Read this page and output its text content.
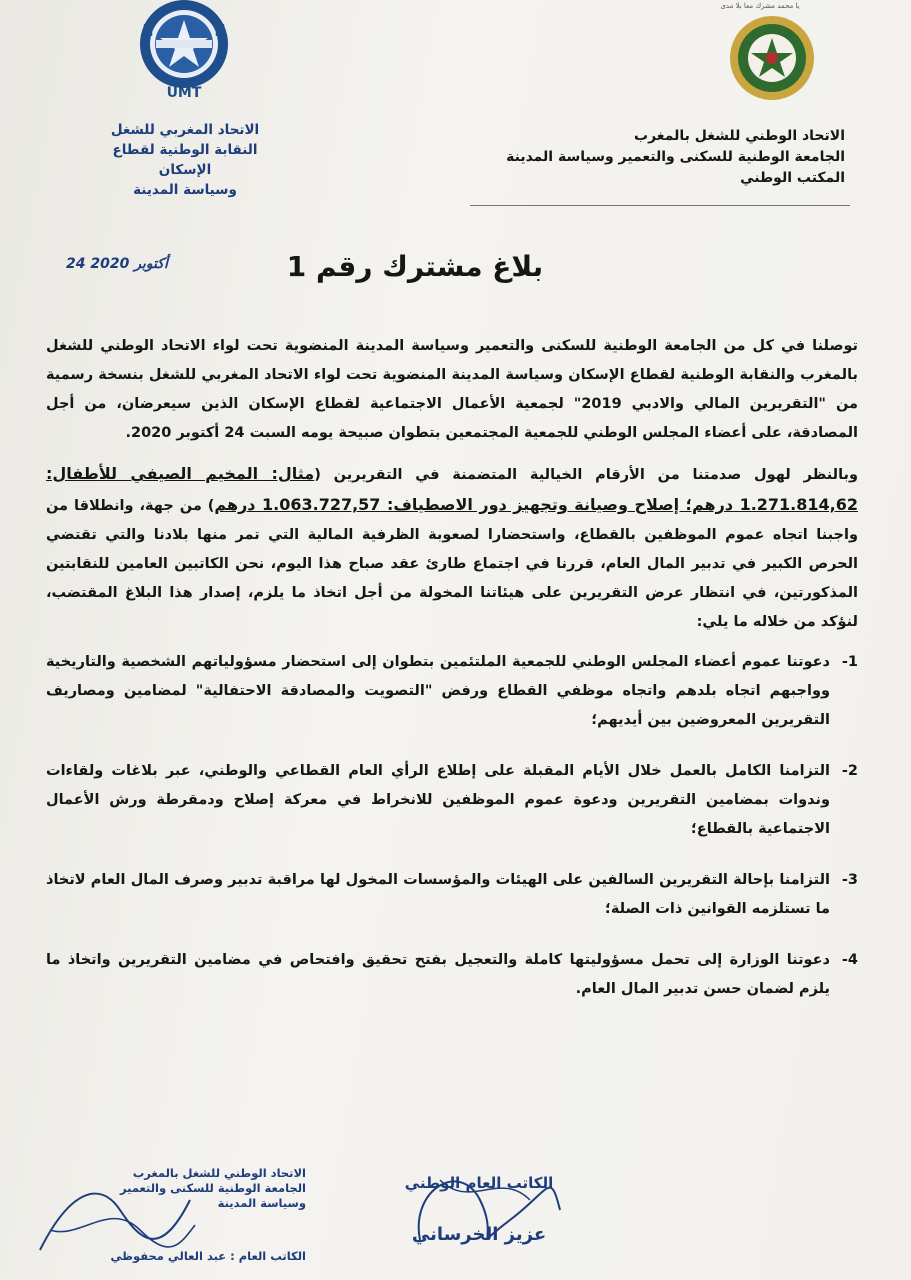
UMT
يا محمد مشرك معا بلا مدى
الاتحاد المغربي للشغل
النقابة الوطنية لقطاع الإسكان
وسياسة المدينة
الاتحاد الوطني للشغل بالمغرب
الجامعة الوطنية للسكنى والتعمير وسياسة المدينة
المكتب الوطني
24 أكتوبر 2020	بلاغ مشترك رقم 1

توصلنا في كل من الجامعة الوطنية للسكنى والتعمير وسياسة المدينة المنضوية تحت لواء الاتحاد الوطني للشغل بالمغرب والنقابة الوطنية لقطاع الإسكان وسياسة المدينة المنضوية تحت لواء الاتحاد المغربي للشغل بنسخة رسمية من "التقريرين المالي والادبي 2019" لجمعية الأعمال الاجتماعية لقطاع الإسكان الذين سيعرضان، من أجل المصادقة، على أعضاء المجلس الوطني للجمعية المجتمعين بتطوان صبيحة يومه السبت 24 أكتوبر 2020.

وبالنظر لهول صدمتنا من الأرقام الخيالية المتضمنة في التقريرين (مثال: المخيم الصيفي للأطفال: 1.271.814,62 درهم؛ إصلاح وصيانة وتجهيز دور الاصطياف: 1.063.727,57 درهم) من جهة، وانطلاقا من واجبنا اتجاه عموم الموظفين بالقطاع، واستحضارا لصعوبة الظرفية المالية التي تمر منها بلادنا والتي تقتضي الحرص الكبير في تدبير المال العام، قررنا في اجتماع طارئ عقد صباح هذا اليوم، نحن الكاتبين العامين للنقابتين المذكورتين، في انتظار عرض التقريرين على هيئاتنا المخولة من أجل اتخاذ ما يلزم، إصدار هذا البلاغ المقتضب، لنؤكد من خلاله ما يلي:

1-
دعوتنا عموم أعضاء المجلس الوطني للجمعية الملتئمين بتطوان إلى استحضار مسؤولياتهم الشخصية والتاريخية وواجبهم اتجاه بلدهم واتجاه موظفي القطاع ورفض "التصويت والمصادقة الاحتفالية" لمضامين ومصاريف التقريرين المعروضين بين أيديهم؛
2-
التزامنا الكامل بالعمل خلال الأيام المقبلة على إطلاع الرأي العام القطاعي والوطني، عبر بلاغات ولقاءات وندوات بمضامين التقريرين ودعوة عموم الموظفين للانخراط في معركة إصلاح ودمقرطة ورش الأعمال الاجتماعية بالقطاع؛
3-
التزامنا بإحالة التقريرين السالفين على الهيئات والمؤسسات المخول لها مراقبة تدبير وصرف المال العام لاتخاذ ما تستلزمه القوانين ذات الصلة؛
4-
دعوتنا الوزارة إلى تحمل مسؤوليتها كاملة والتعجيل بفتح تحقيق وافتحاص في مضامين التقريرين واتخاذ ما يلزم لضمان حسن تدبير المال العام.
الاتحاد الوطني للشغل بالمغرب
الجامعة الوطنية للسكنى والتعمير
وسياسة المدينة
الكاتب العام : عبد العالي محفوظي
الكاتب العام الوطني
عزيز الخرساني
